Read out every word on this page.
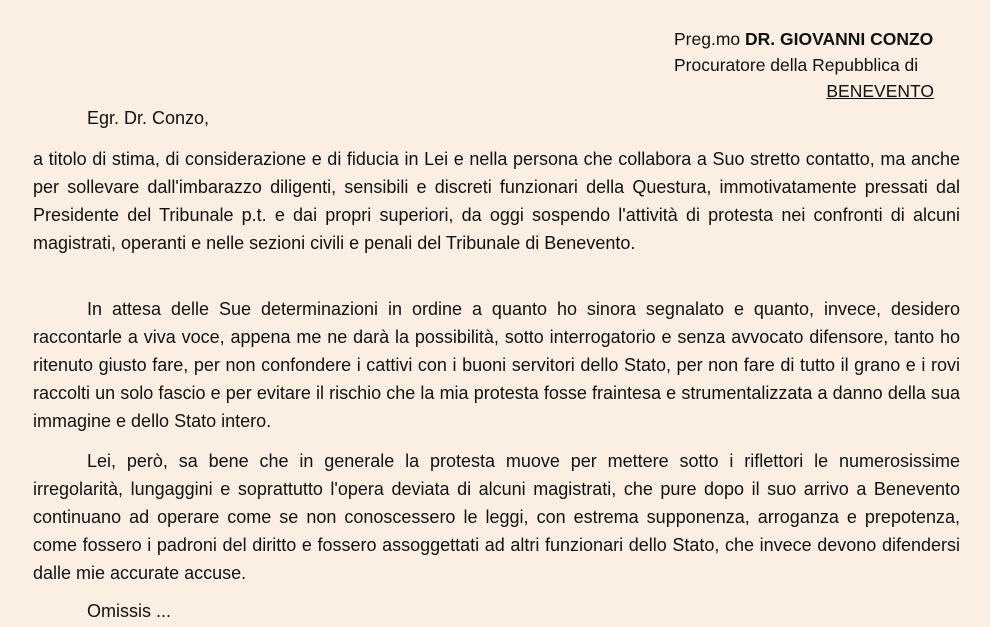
Preg.mo DR. GIOVANNI CONZO
Procuratore della Repubblica di
BENEVENTO
Egr. Dr. Conzo,

a titolo di stima, di considerazione e di fiducia in Lei e nella persona che collabora a Suo stretto contatto, ma anche per sollevare dall'imbarazzo diligenti, sensibili e discreti funzionari della Questura, immotivatamente pressati dal Presidente del Tribunale p.t. e dai propri superiori, da oggi sospendo l'attività di protesta nei confronti di alcuni magistrati, operanti e nelle sezioni civili e penali del Tribunale di Benevento.

In attesa delle Sue determinazioni in ordine a quanto ho sinora segnalato e quanto, invece, desidero raccontarle a viva voce, appena me ne darà la possibilità, sotto interrogatorio e senza avvocato difensore, tanto ho ritenuto giusto fare, per non confondere i cattivi con i buoni servitori dello Stato, per non fare di tutto il grano e i rovi raccolti un solo fascio e per evitare il rischio che la mia protesta fosse fraintesa e strumentalizzata a danno della sua immagine e dello Stato intero.

Lei, però, sa bene che in generale la protesta muove per mettere sotto i riflettori le numerosissime irregolarità, lungaggini e soprattutto l'opera deviata di alcuni magistrati, che pure dopo il suo arrivo a Benevento continuano ad operare come se non conoscessero le leggi, con estrema supponenza, arroganza e prepotenza, come fossero i padroni del diritto e fossero assoggettati ad altri funzionari dello Stato, che invece devono difendersi dalle mie accurate accuse.

Omissis ...
